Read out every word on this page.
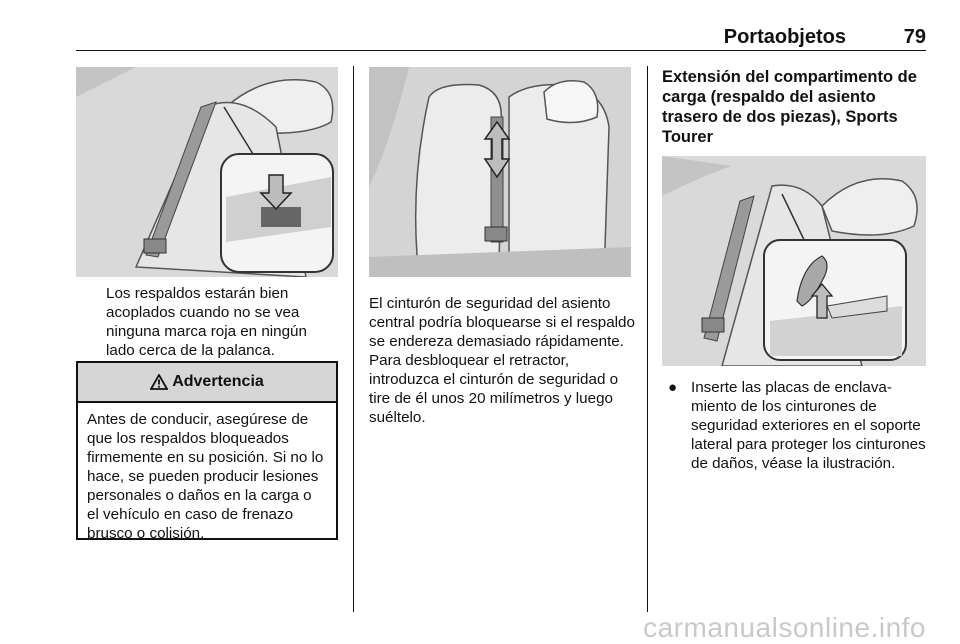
Portaobjetos	79

Los respaldos estarán bien acoplados cuando no se vea ninguna marca roja en ningún lado cerca de la palanca.

Advertencia

Antes de conducir, asegúrese de que los respaldos bloqueados firmemente en su posición. Si no lo hace, se pueden producir lesiones personales o daños en la carga o el vehículo en caso de frenazo brusco o colisión.

El cinturón de seguridad del asiento central podría bloquearse si el respaldo se endereza demasiado rápidamente. Para desbloquear el retractor, introduzca el cinturón de seguridad o tire de él unos 20 milímetros y luego suéltelo.

Extensión del compartimento de carga (respaldo del asiento trasero de dos piezas), Sports Tourer

● Inserte las placas de enclavamiento de los cinturones de seguridad exteriores en el soporte lateral para proteger los cinturones de daños, véase la ilustración.

carmanualsonline.info
